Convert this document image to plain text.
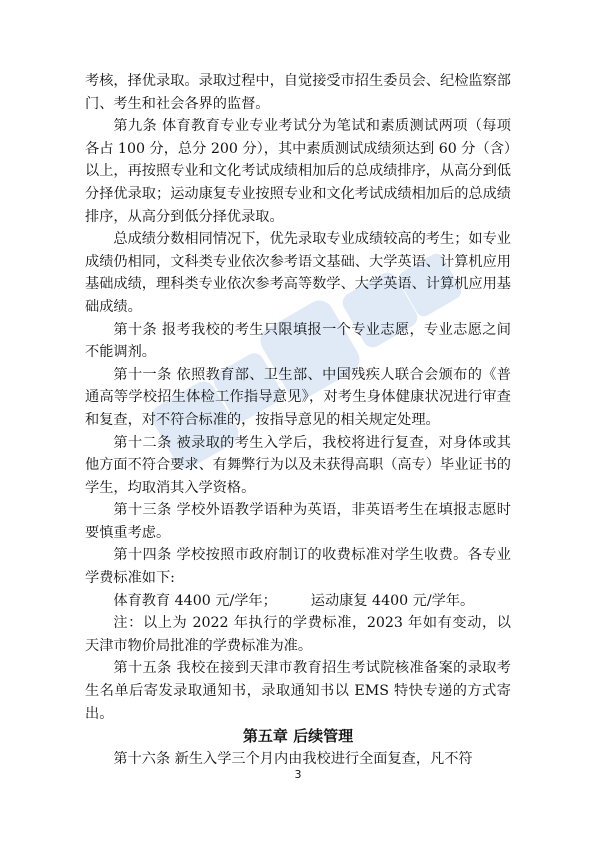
考核，择优录取。录取过程中，自觉接受市招生委员会、纪检监察部门、考生和社会各界的监督。

第九条 体育教育专业专业考试分为笔试和素质测试两项（每项各占 100 分，总分 200 分），其中素质测试成绩须达到 60 分（含）以上，再按照专业和文化考试成绩相加后的总成绩排序，从高分到低分择优录取；运动康复专业按照专业和文化考试成绩相加后的总成绩排序，从高分到低分择优录取。

总成绩分数相同情况下，优先录取专业成绩较高的考生；如专业成绩仍相同，文科类专业依次参考语文基础、大学英语、计算机应用基础成绩，理科类专业依次参考高等数学、大学英语、计算机应用基础成绩。

第十条 报考我校的考生只限填报一个专业志愿，专业志愿之间不能调剂。

第十一条 依照教育部、卫生部、中国残疾人联合会颁布的《普通高等学校招生体检工作指导意见》，对考生身体健康状况进行审查和复查，对不符合标准的，按指导意见的相关规定处理。

第十二条 被录取的考生入学后，我校将进行复查，对身体或其他方面不符合要求、有舞弊行为以及未获得高职（高专）毕业证书的学生，均取消其入学资格。

第十三条 学校外语教学语种为英语，非英语考生在填报志愿时要慎重考虑。

第十四条 学校按照市政府制订的收费标准对学生收费。各专业学费标准如下:

体育教育 4400 元/学年； 运动康复 4400 元/学年。

注：以上为 2022 年执行的学费标准，2023 年如有变动，以天津市物价局批准的学费标准为准。

第十五条 我校在接到天津市教育招生考试院核准备案的录取考生名单后寄发录取通知书，录取通知书以 EMS 特快专递的方式寄出。

第五章 后续管理

第十六条 新生入学三个月内由我校进行全面复查，凡不符

3
